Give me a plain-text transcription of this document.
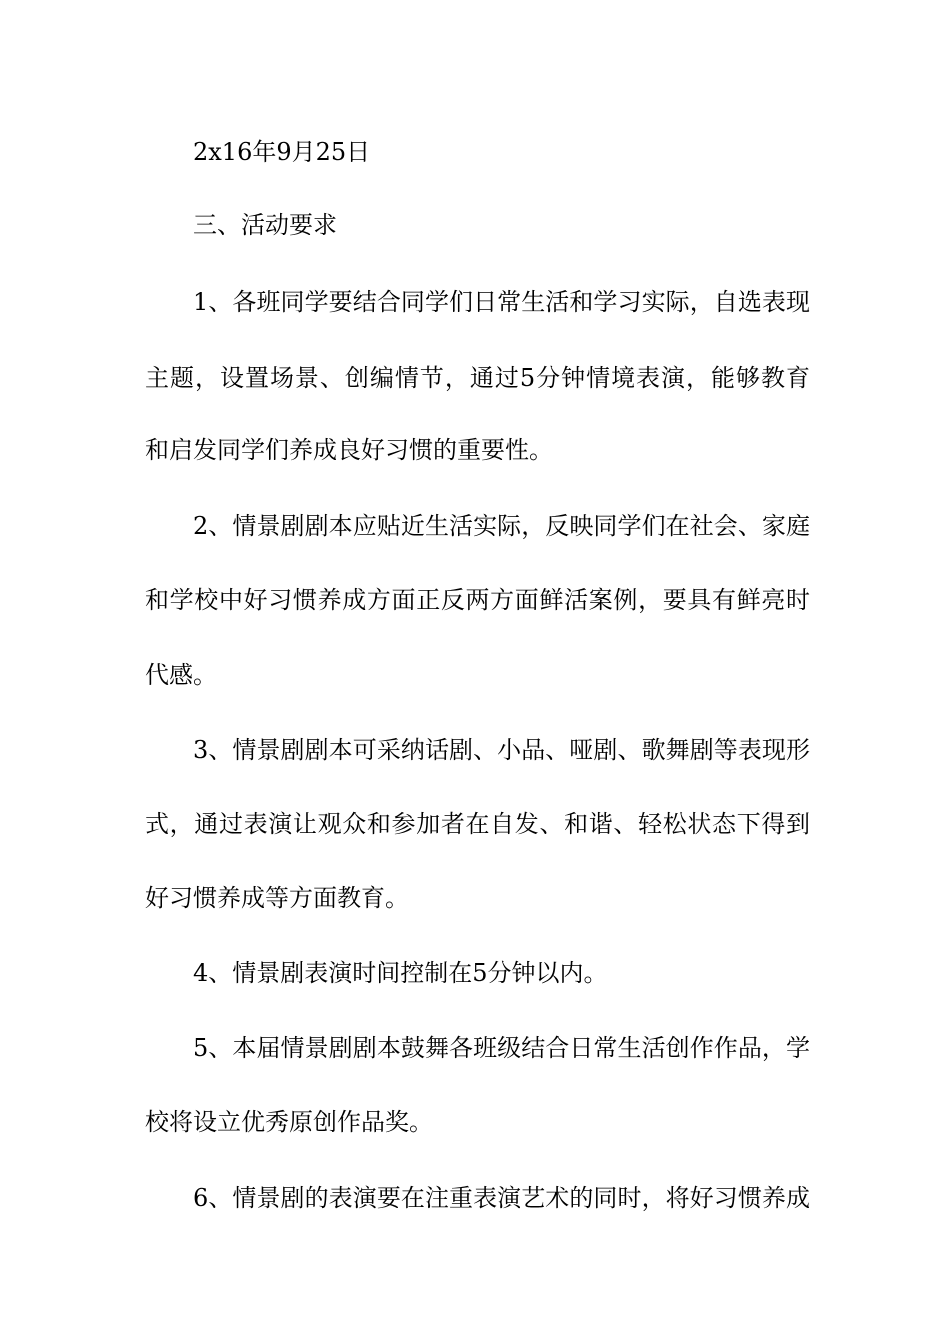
2x16年9月25日
三、活动要求
1、各班同学要结合同学们日常生活和学习实际，自选表现
主题，设置场景、创编情节，通过5分钟情境表演，能够教育
和启发同学们养成良好习惯的重要性。
2、情景剧剧本应贴近生活实际，反映同学们在社会、家庭
和学校中好习惯养成方面正反两方面鲜活案例，要具有鲜亮时
代感。
3、情景剧剧本可采纳话剧、小品、哑剧、歌舞剧等表现形
式，通过表演让观众和参加者在自发、和谐、轻松状态下得到
好习惯养成等方面教育。
4、情景剧表演时间控制在5分钟以内。
5、本届情景剧剧本鼓舞各班级结合日常生活创作作品，学
校将设立优秀原创作品奖。
6、情景剧的表演要在注重表演艺术的同时，将好习惯养成
